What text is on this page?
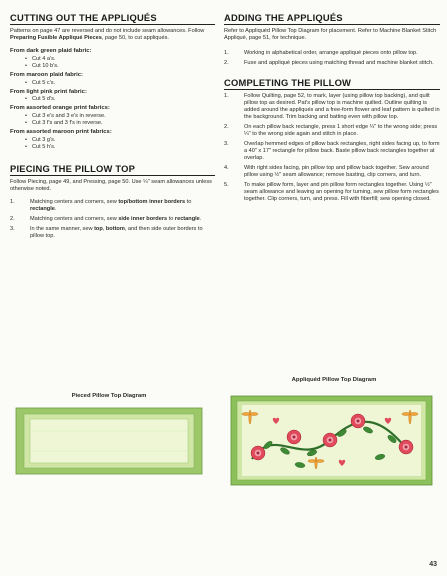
CUTTING OUT THE APPLIQUÉS

Patterns on page 47 are reversed and do not include seam allowances. Follow Preparing Fusible Appliqué Pieces, page 50, to cut appliqués.

From dark green plaid fabric:
• Cut 4 a's.
• Cut 10 b's.
From maroon plaid fabric:
• Cut 5 c's.
From light pink print fabric:
• Cut 5 d's.
From assorted orange print fabrics:
• Cut 3 e's and 3 e's in reverse.
• Cut 3 f's and 3 f's in reverse.
From assorted maroon print fabrics:
• Cut 3 g's.
• Cut 5 h's.
PIECING THE PILLOW TOP

Follow Piecing, page 49, and Pressing, page 50. Use ¼" seam allowances unless otherwise noted.

1.	Matching centers and corners, sew top/bottom inner borders to rectangle.
2.	Matching centers and corners, sew side inner borders to rectangle.
3.	In the same manner, sew top, bottom, and then side outer borders to pillow top.
Pieced Pillow Top Diagram
ADDING THE APPLIQUÉS

Refer to Appliquéd Pillow Top Diagram for placement. Refer to Machine Blanket Stitch Appliqué, page 51, for technique.

1.	Working in alphabetical order, arrange appliqué pieces onto pillow top.
2.	Fuse and appliqué pieces using matching thread and machine blanket stitch.
COMPLETING THE PILLOW
1.	Follow Quilting, page 52, to mark, layer (using pillow top backing), and quilt pillow top as desired. Pat's pillow top is machine quilted. Outline quilting is added around the appliqués and a free-form flower and leaf pattern is quilted in the background. Trim backing and batting even with pillow top.
2.	On each pillow back rectangle, press 1 short edge ¼" to the wrong side; press ¼" to the wrong side again and stitch in place.
3.	Overlap hemmed edges of pillow back rectangles, right sides facing up, to form a 40" x 17" rectangle for pillow back. Baste pillow back rectangles together at overlap.
4.	With right sides facing, pin pillow top and pillow back together. Sew around pillow using ½" seam allowance; remove basting, clip corners, and turn.
5.	To make pillow form, layer and pin pillow form rectangles together. Using ½" seam allowance and leaving an opening for turning, sew pillow form rectangles together. Clip corners, turn, and press. Fill with fiberfill; sew opening closed.
Appliquéd Pillow Top Diagram
43
